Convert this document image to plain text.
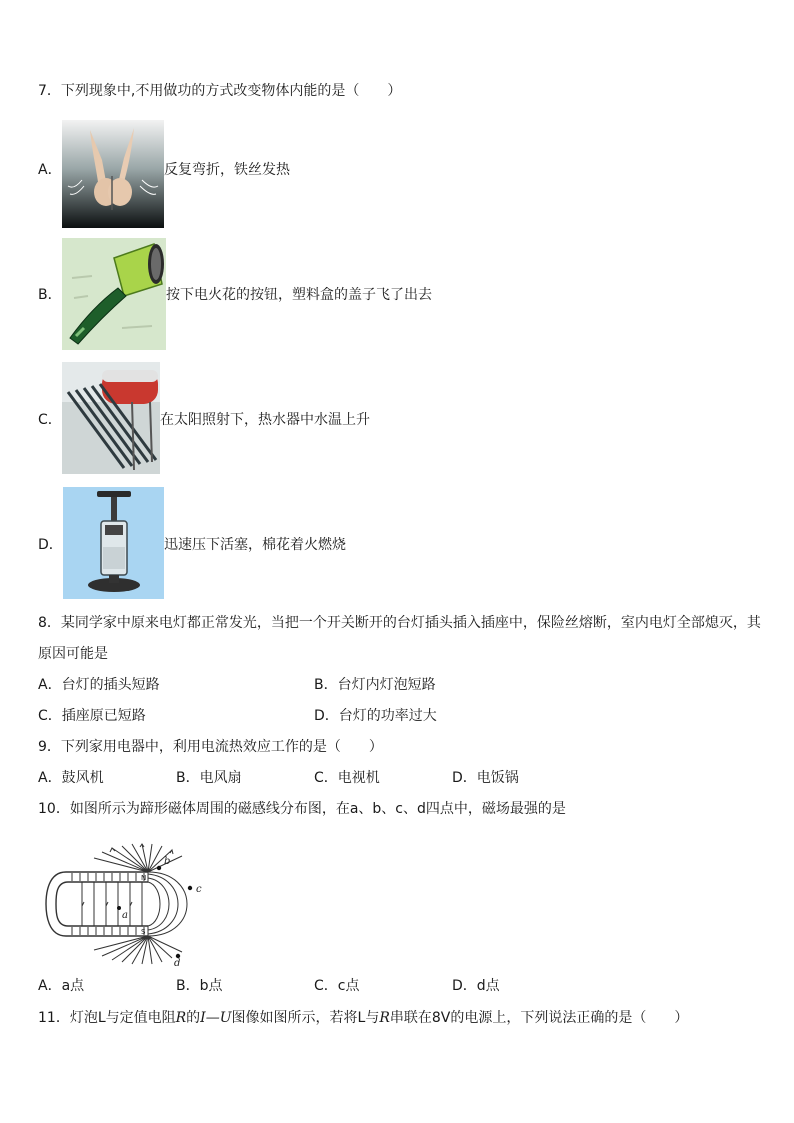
7．下列现象中,不用做功的方式改变物体内能的是（　　）
A．	反复弯折，铁丝发热
B．	按下电火花的按钮，塑料盒的盖子飞了出去
C．	在太阳照射下，热水器中水温上升
D．	迅速压下活塞，棉花着火燃烧
8．某同学家中原来电灯都正常发光，当把一个开关断开的台灯插头插入插座中，保险丝熔断，室内电灯全部熄灭，其
原因可能是
A．台灯的插头短路	B．台灯内灯泡短路
C．插座原已短路	D．台灯的功率过大
9．下列家用电器中，利用电流热效应工作的是（　　）
A．鼓风机	B．电风扇	C．电视机	D．电饭锅
10．如图所示为蹄形磁体周围的磁感线分布图，在a、b、c、d四点中，磁场最强的是
N
S
b
c
a
d
A．a点	B．b点	C．c点	D．d点
11．灯泡L与定值电阻R的I—U图像如图所示，若将L与R串联在8V的电源上，下列说法正确的是（　　）
